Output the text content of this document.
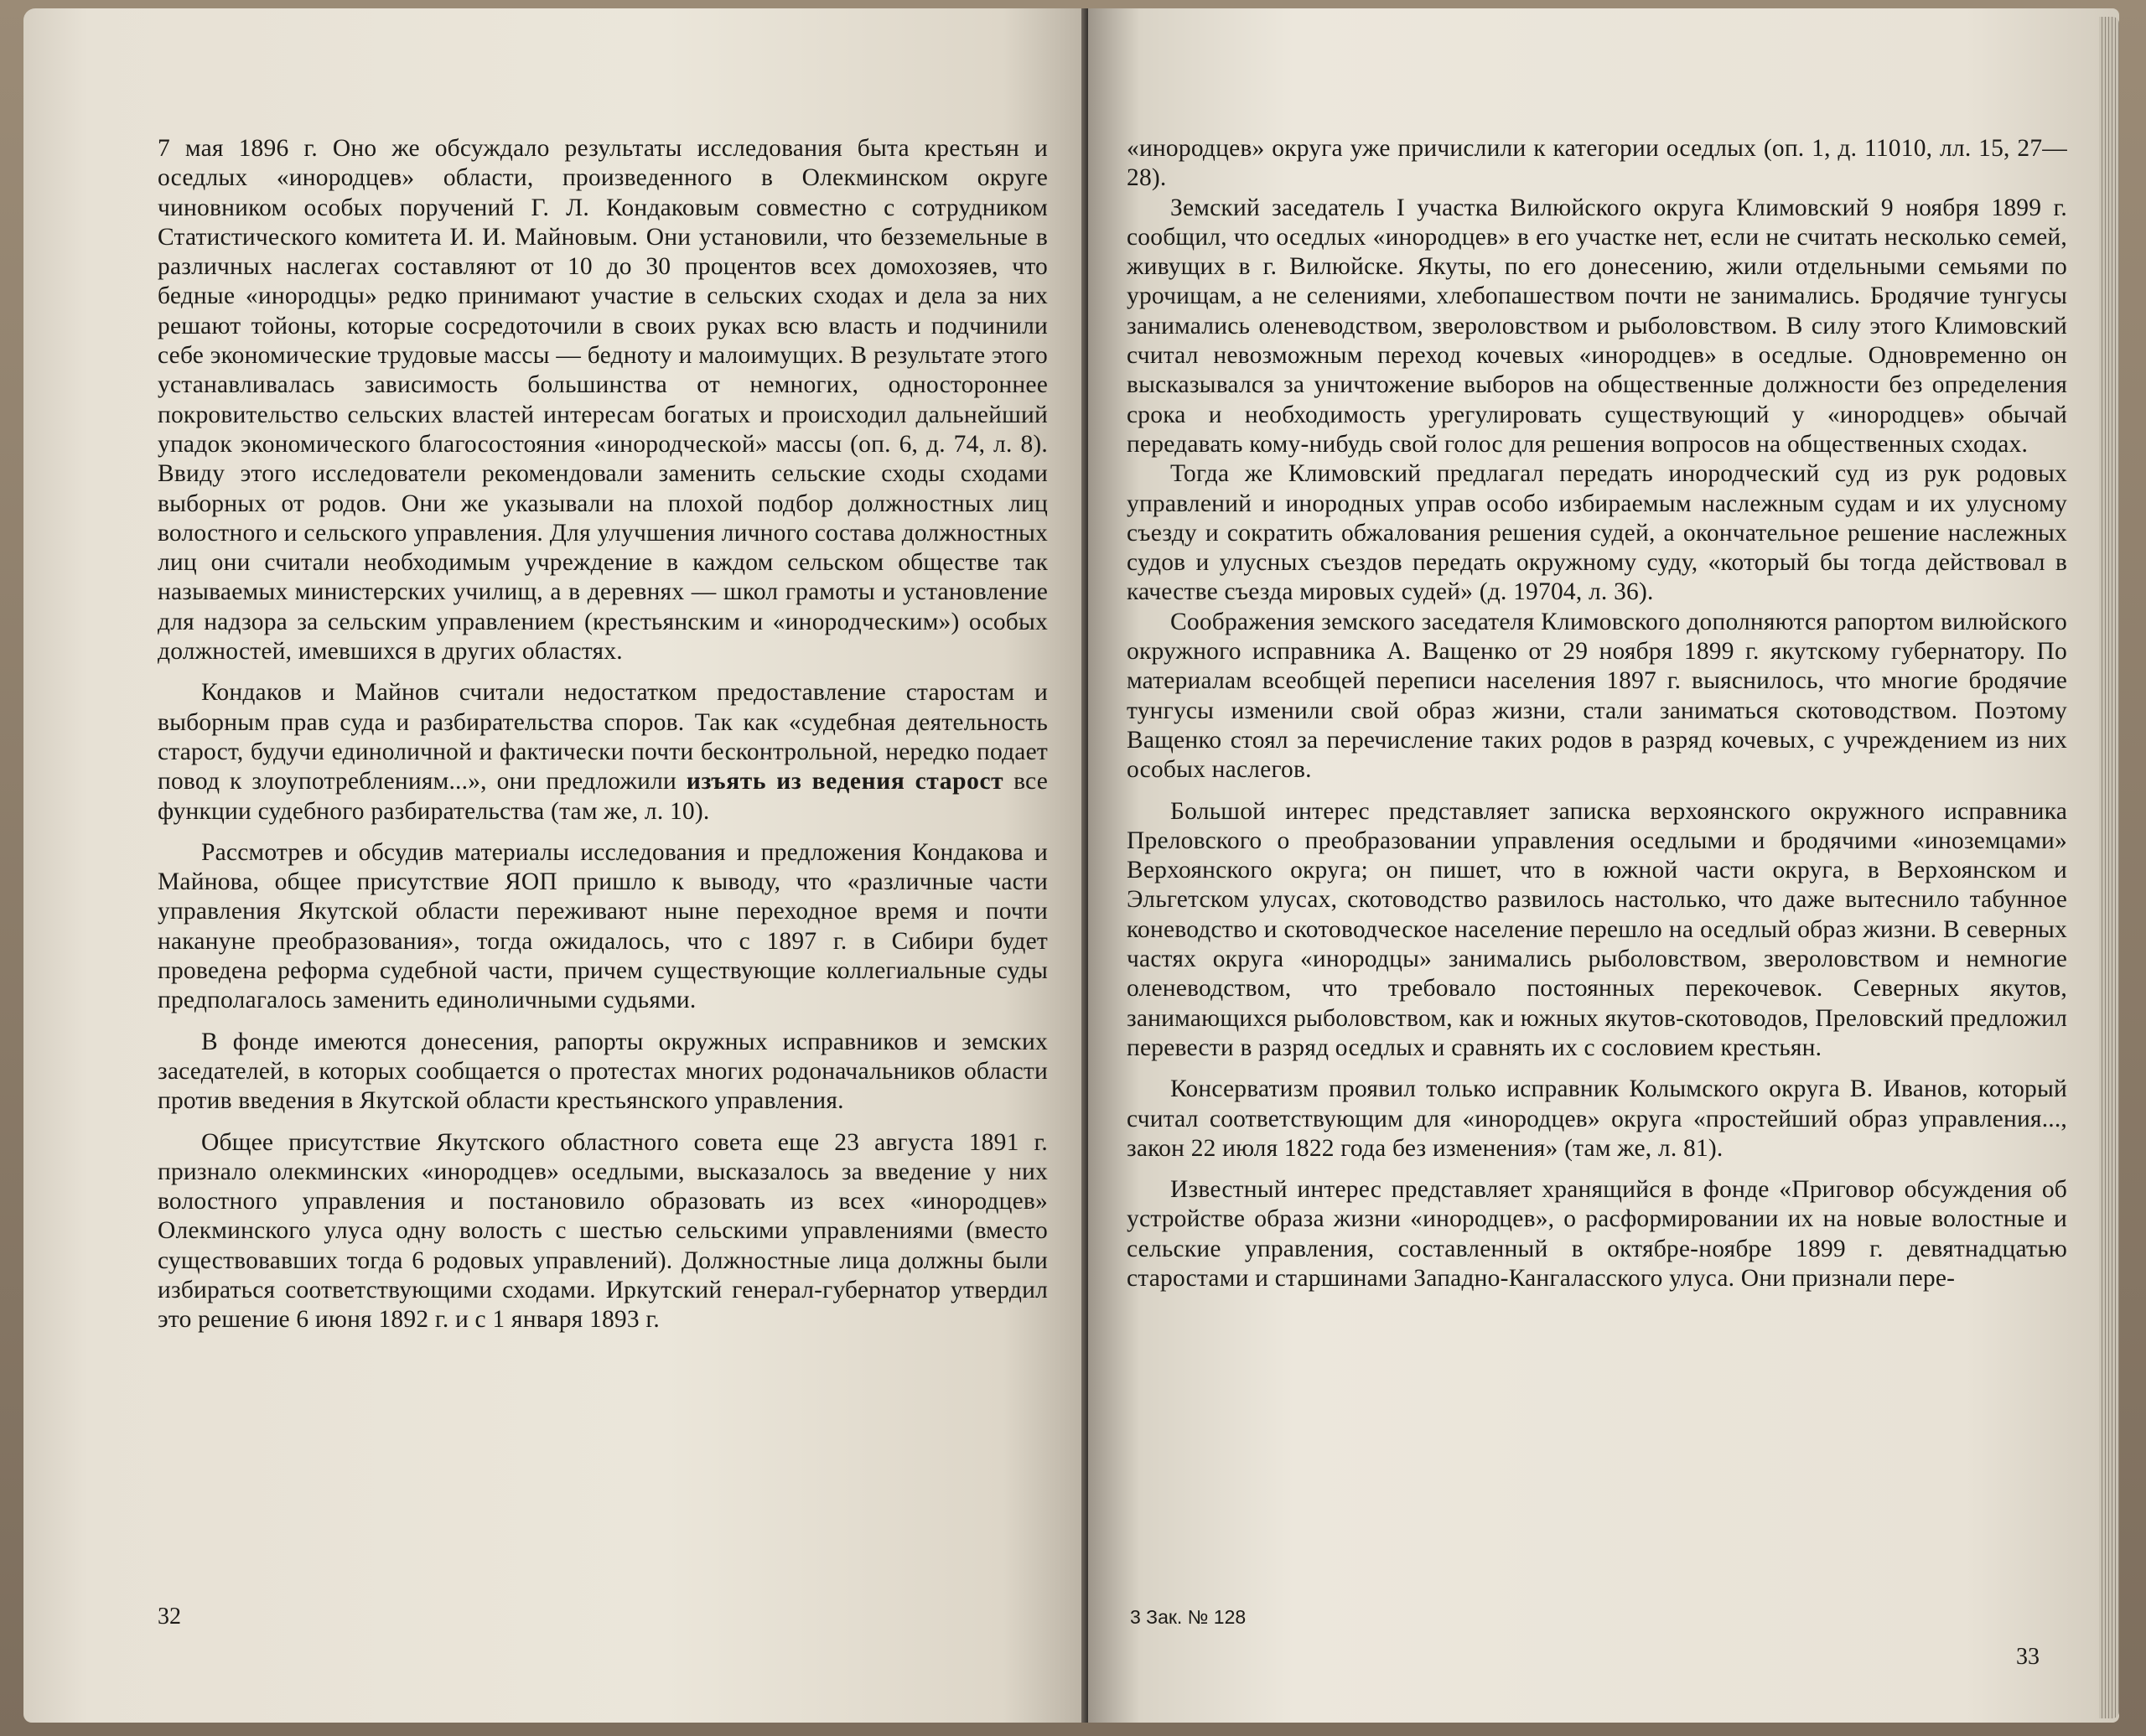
7 мая 1896 г. Оно же обсуждало результаты исследования быта крестьян и оседлых «инородцев» области, произведенного в Олекминском округе чиновником особых поручений Г. Л. Кондаковым совместно с сотрудником Статистического комитета И. И. Майновым. Они установили, что безземельные в различных наслегах составляют от 10 до 30 процентов всех домохозяев, что бедные «инородцы» редко принимают участие в сельских сходах и дела за них решают тойоны, которые сосредоточили в своих руках всю власть и подчинили себе экономические трудовые массы — бедноту и малоимущих. В результате этого устанавливалась зависимость большинства от немногих, одностороннее покровительство сельских властей интересам богатых и происходил дальнейший упадок экономического благосостояния «инородческой» массы (оп. 6, д. 74, л. 8). Ввиду этого исследователи рекомендовали заменить сельские сходы сходами выборных от родов. Они же указывали на плохой подбор должностных лиц волостного и сельского управления. Для улучшения личного состава должностных лиц они считали необходимым учреждение в каждом сельском обществе так называемых министерских училищ, а в деревнях — школ грамоты и установление для надзора за сельским управлением (крестьянским и «инородческим») особых должностей, имевшихся в других областях.

Кондаков и Майнов считали недостатком предоставление старостам и выборным прав суда и разбирательства споров. Так как «судебная деятельность старост, будучи единоличной и фактически почти бесконтрольной, нередко подает повод к злоупотреблениям...», они предложили изъять из ведения старост все функции судебного разбирательства (там же, л. 10).

Рассмотрев и обсудив материалы исследования и предложения Кондакова и Майнова, общее присутствие ЯОП пришло к выводу, что «различные части управления Якутской области переживают ныне переходное время и почти накануне преобразования», тогда ожидалось, что с 1897 г. в Сибири будет проведена реформа судебной части, причем существующие коллегиальные суды предполагалось заменить единоличными судьями.

В фонде имеются донесения, рапорты окружных исправников и земских заседателей, в которых сообщается о протестах многих родоначальников области против введения в Якутской области крестьянского управления.

Общее присутствие Якутского областного совета еще 23 августа 1891 г. признало олекминских «инородцев» оседлыми, высказалось за введение у них волостного управления и постановило образовать из всех «инородцев» Олекминского улуса одну волость с шестью сельскими управлениями (вместо существовавших тогда 6 родовых управлений). Должностные лица должны были избираться соответствующими сходами. Иркутский генерал-губернатор утвердил это решение 6 июня 1892 г. и с 1 января 1893 г.

32

«инородцев» округа уже причислили к категории оседлых (оп. 1, д. 11010, лл. 15, 27—28).

Земский заседатель I участка Вилюйского округа Климовский 9 ноября 1899 г. сообщил, что оседлых «инородцев» в его участке нет, если не считать несколько семей, живущих в г. Вилюйске. Якуты, по его донесению, жили отдельными семьями по урочищам, а не селениями, хлебопашеством почти не занимались. Бродячие тунгусы занимались оленеводством, звероловством и рыболовством. В силу этого Климовский считал невозможным переход кочевых «инородцев» в оседлые. Одновременно он высказывался за уничтожение выборов на общественные должности без определения срока и необходимость урегулировать существующий у «инородцев» обычай передавать кому-нибудь свой голос для решения вопросов на общественных сходах.

Тогда же Климовский предлагал передать инородческий суд из рук родовых управлений и инородных управ особо избираемым наслежным судам и их улусному съезду и сократить обжалования решения судей, а окончательное решение наслежных судов и улусных съездов передать окружному суду, «который бы тогда действовал в качестве съезда мировых судей» (д. 19704, л. 36).

Соображения земского заседателя Климовского дополняются рапортом вилюйского окружного исправника А. Ващенко от 29 ноября 1899 г. якутскому губернатору. По материалам всеобщей переписи населения 1897 г. выяснилось, что многие бродячие тунгусы изменили свой образ жизни, стали заниматься скотоводством. Поэтому Ващенко стоял за перечисление таких родов в разряд кочевых, с учреждением из них особых наслегов.

Большой интерес представляет записка верхоянского окружного исправника Преловского о преобразовании управления оседлыми и бродячими «иноземцами» Верхоянского округа; он пишет, что в южной части округа, в Верхоянском и Эльгетском улусах, скотоводство развилось настолько, что даже вытеснило табунное коневодство и скотоводческое население перешло на оседлый образ жизни. В северных частях округа «инородцы» занимались рыболовством, звероловством и немногие оленеводством, что требовало постоянных перекочевок. Северных якутов, занимающихся рыболовством, как и южных якутов-скотоводов, Преловский предложил перевести в разряд оседлых и сравнять их с сословием крестьян.

Консерватизм проявил только исправник Колымского округа В. Иванов, который считал соответствующим для «инородцев» округа «простейший образ управления..., закон 22 июля 1822 года без изменения» (там же, л. 81).

Известный интерес представляет хранящийся в фонде «Приговор обсуждения об устройстве образа жизни «инородцев», о расформировании их на новые волостные и сельские управления, составленный в октябре-ноябре 1899 г. девятнадцатью старостами и старшинами Западно-Кангаласского улуса. Они признали пере-

3 Зак. № 128
33
